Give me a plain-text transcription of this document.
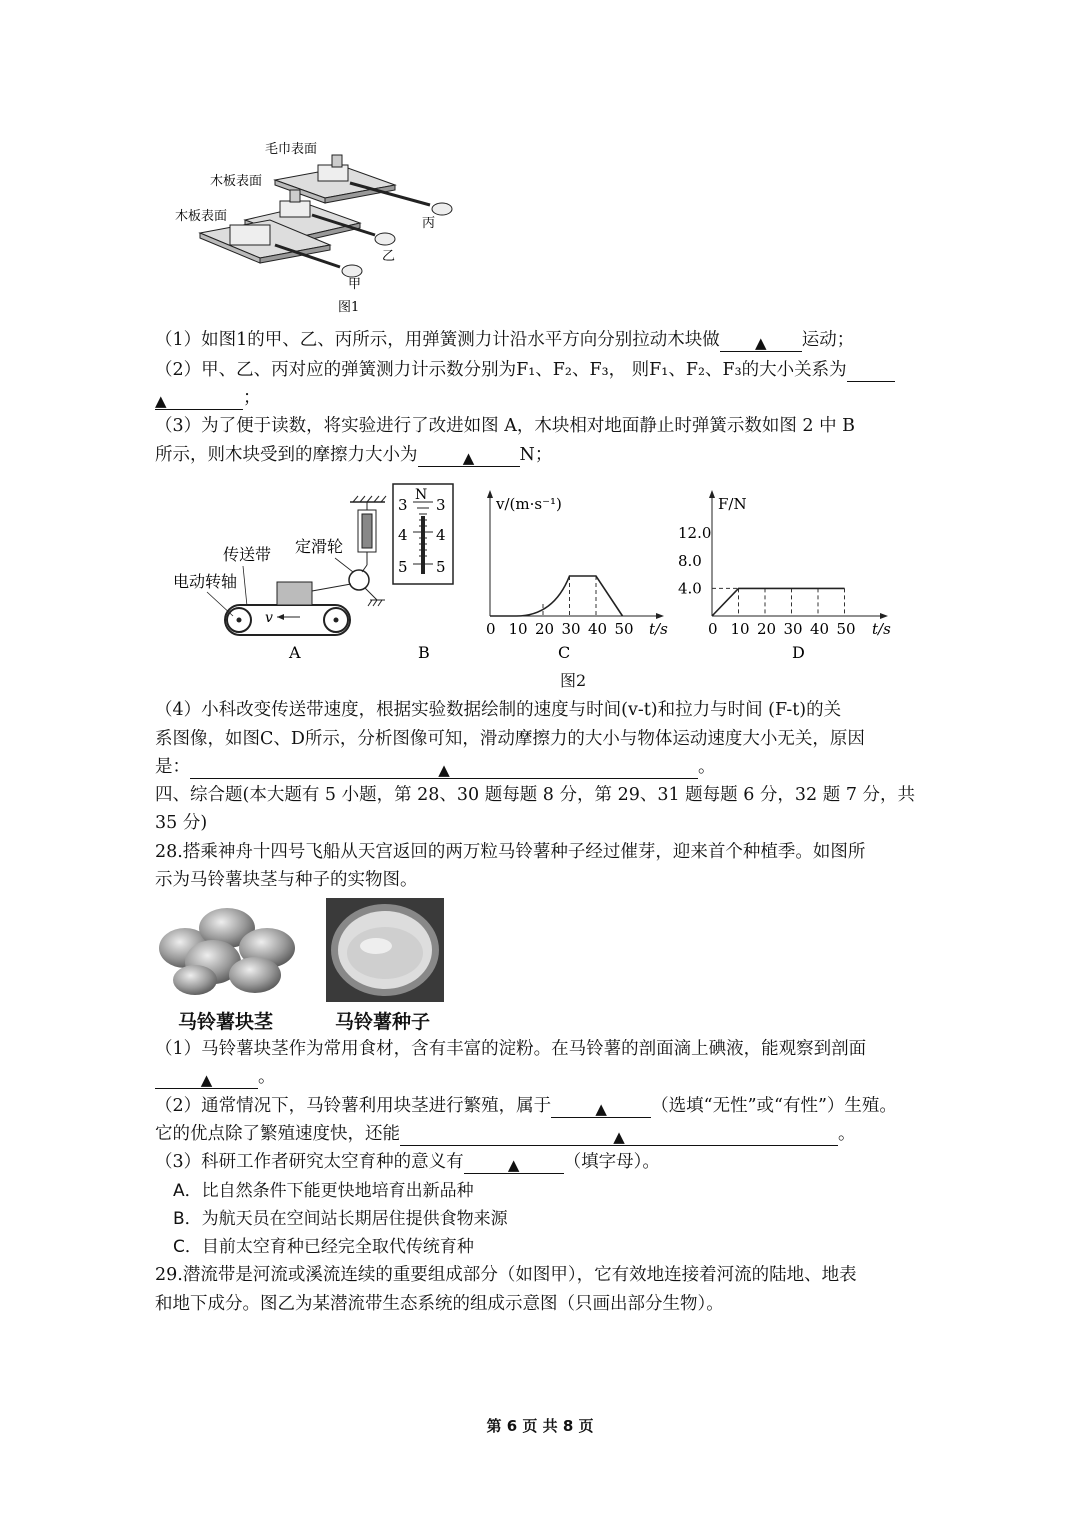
毛巾表面
木板表面
木板表面	丙
乙
甲
图1
（1）如图1的甲、乙、丙所示，用弹簧测力计沿水平方向分别拉动木块做 ▲ 运动；
（2）甲、乙、丙对应的弹簧测力计示数分别为F₁、F₂、F₃， 则F₁、F₂、F₃的大小关系为
▲	；
（3）为了便于读数，将实验进行了改进如图 A，木块相对地面静止时弹簧示数如图 2 中 B
所示，则木块受到的摩擦力大小为	▲	N；
v
传送带 定滑轮
电动转轴
N
3 3
4 4
5 5
A	B
v/(m·s⁻¹)
t/s
0 10 20 30 40 50
C
F/N
t/s
0 10 20 30 40 50
12.0
8.0
4.0
D
图2
（4）小科改变传送带速度，根据实验数据绘制的速度与时间(v-t)和拉力与时间 (F-t)的关
系图像，如图C、D所示，分析图像可知，滑动摩擦力的大小与物体运动速度大小无关，原因
是：	▲	。
四、综合题(本大题有 5 小题，第 28、30 题每题 8 分，第 29、31 题每题 6 分，32 题 7 分，共
35 分)
28.搭乘神舟十四号飞船从天宫返回的两万粒马铃薯种子经过催芽，迎来首个种植季。如图所
示为马铃薯块茎与种子的实物图。
马铃薯块茎	马铃薯种子
（1）马铃薯块茎作为常用食材，含有丰富的淀粉。在马铃薯的剖面滴上碘液，能观察到剖面
▲	。
（2）通常情况下，马铃薯利用块茎进行繁殖，属于	▲	（选填“无性”或“有性”）生殖。
它的优点除了繁殖速度快，还能	▲	。
（3）科研工作者研究太空育种的意义有	▲	（填字母）。
A．比自然条件下能更快地培育出新品种
B．为航天员在空间站长期居住提供食物来源
C．目前太空育种已经完全取代传统育种
29.潜流带是河流或溪流连续的重要组成部分（如图甲），它有效地连接着河流的陆地、地表
和地下成分。图乙为某潜流带生态系统的组成示意图（只画出部分生物）。
第 6 页 共 8 页
